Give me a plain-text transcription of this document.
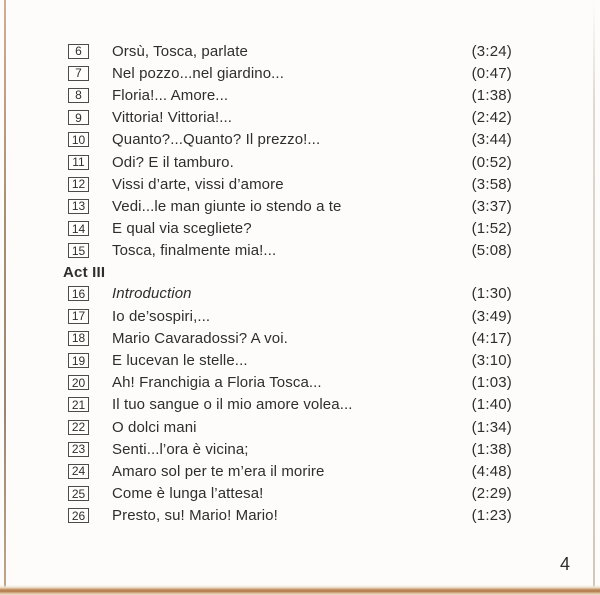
6	Orsù, Tosca, parlate	(3:24)
7	Nel pozzo...nel giardino...	(0:47)
8	Floria!... Amore...	(1:38)
9	Vittoria! Vittoria!...	(2:42)
10 Quanto?...Quanto? Il prezzo!...	(3:44)
11 Odi? E il tamburo.	(0:52)
12 Vissi d’arte, vissi d’amore	(3:58)
13 Vedi...le man giunte io stendo a te	(3:37)
14 E qual via scegliete?	(1:52)
15 Tosca, finalmente mia!...	(5:08)
Act III
16 Introduction	(1:30)
17 Io de’sospiri,...	(3:49)
18 Mario Cavaradossi? A voi.	(4:17)
19 E lucevan le stelle...	(3:10)
20 Ah! Franchigia a Floria Tosca...	(1:03)
21 Il tuo sangue o il mio amore volea...	(1:40)
22 O dolci mani	(1:34)
23 Senti...l’ora è vicina;	(1:38)
24 Amaro sol per te m’era il morire	(4:48)
25 Come è lunga l’attesa!	(2:29)
26 Presto, su! Mario! Mario!	(1:23)
4
